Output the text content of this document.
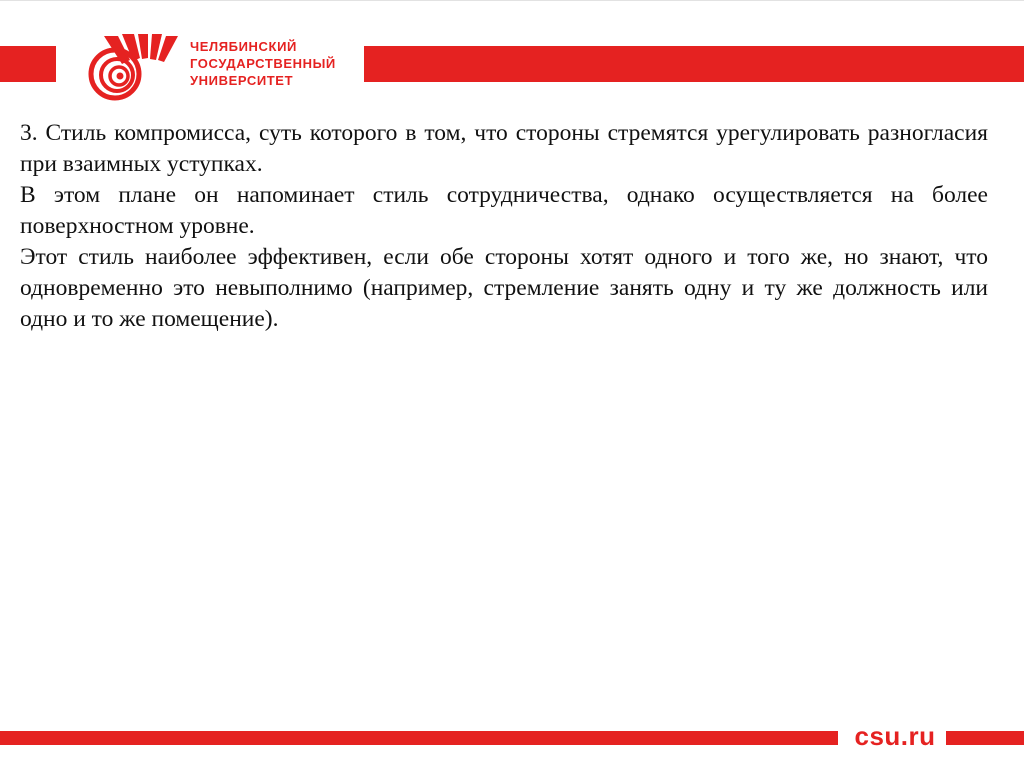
ЧЕЛЯБИНСКИЙ
ГОСУДАРСТВЕННЫЙ
УНИВЕРСИТЕТ

3. Стиль компромисса, суть которого в том, что стороны стремятся урегулировать разногласия при взаимных уступках.

В этом плане он напоминает стиль сотрудничества, однако осуществляется на более поверхностном уровне.

Этот стиль наиболее эффективен, если обе стороны хотят одного и того же, но знают, что одновременно это невыполнимо (например, стремление занять одну и ту же должность или одно и то же помещение).

csu.ru
